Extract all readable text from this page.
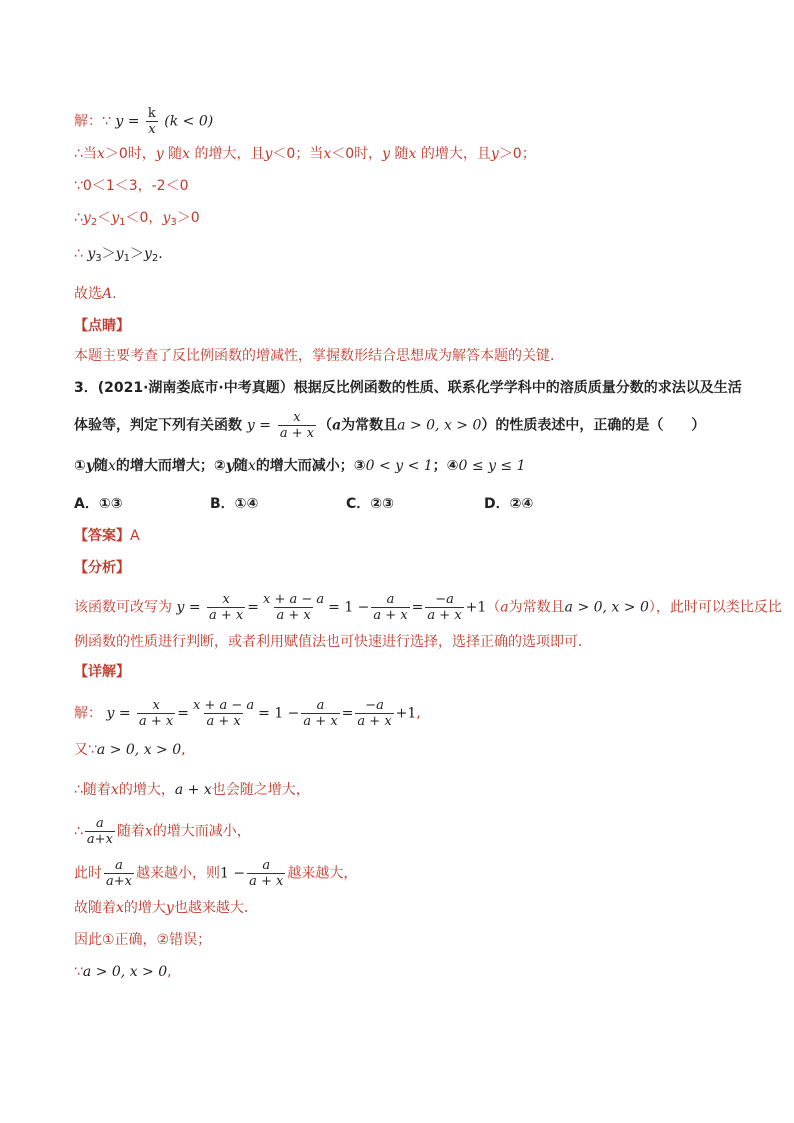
解：∵ $y = \frac{k}{x} (k < 0)$
∴当x＞0时，y 随x 的增大，且y＜0；当x＜0时，y 随x 的增大，且y＞0；
∵0＜1＜3，-2＜0
$\therefore y_2<y_1<0$，$y_3>0$
∴ $y_3>y_1>y_2$.
故选A.
【点睛】
本题主要考查了反比例函数的增减性，掌握数形结合思想成为解答本题的关键．
3．(2021·湖南娄底市·中考真题）根据反比例函数的性质、联系化学学科中的溶质质量分数的求法以及生活
体验等，判定下列有关函数 $y = \frac{x}{a + x} (a$为常数且a > 0, x > 0）的性质表述中，正确的是（　　）
①y随x的增大而增大；②y随x的增大而减小；③0 < y < 1；④0 ≤ y ≤ 1
A．①③	B．①④	C．②③	D．②④
【答案】A
【分析】
该函数可改写为 $y = \frac{x}{a + x} = \frac{x + a - a}{a + x} = 1 - \frac{a}{a + x} = \frac{-a}{a + x} +1(a$为常数且a > 0, x > 0），此时可以类比反比
例函数的性质进行判断，或者利用赋值法也可快速进行选择，选择正确的选项即可．
【详解】
解： $y = \frac{x}{a + x} = \frac{x + a - a}{a + x} = 1 - \frac{a}{a + x} = \frac{-a}{a + x} +1$,
又∵a > 0, x > 0,
∴随着x的增大，a + x也会随之增大，
∴ $\frac{a}{a+x}$ 随着x的增大而减小，
此时 $\frac{a}{a+x}$ 越来越小，则$1 - \frac{a}{a + x}$ 越来越大，
故随着x的增大y也越来越大．
因此①正确，②错误；
∵a > 0, x > 0,
